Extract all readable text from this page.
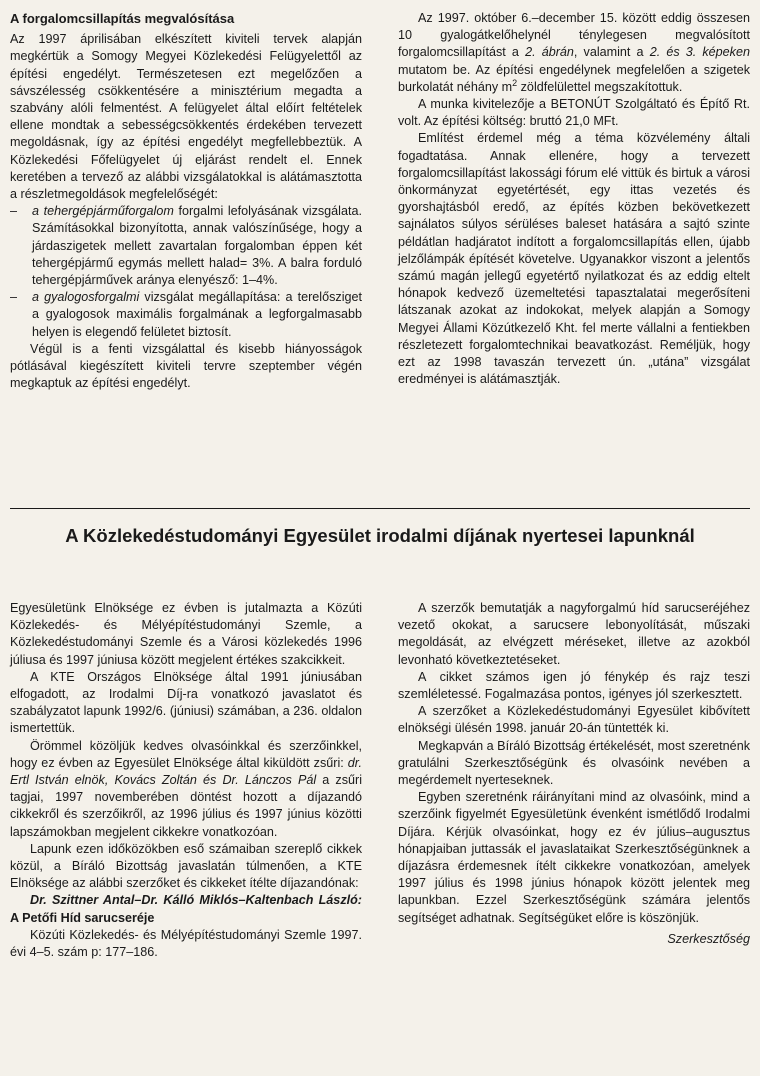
A forgalomcsillapítás megvalósítása

Az 1997 áprilisában elkészített kiviteli tervek alapján megkértük a Somogy Megyei Közlekedési Felügyelettől az építési engedélyt. Természetesen ezt megelőzően a sávszélesség csökkentésére a minisztérium megadta a szabvány alóli felmentést. A felügyelet által előírt feltételek ellene mondtak a sebességcsökkentés érdekében tervezett megoldásnak, így az építési engedélyt megfellebbeztük. A Közlekedési Főfelügyelet új eljárást rendelt el. Ennek keretében a tervező az alábbi vizsgálatokkal is alátámasztotta a részletmegoldások megfelelőségét:

– a tehergépjárműforgalom forgalmi lefolyásának vizsgálata. Számításokkal bizonyította, annak valószínűsége, hogy a járdaszigetek mellett zavartalan forgalomban éppen két tehergépjármű egymás mellett halad= 3%. A balra forduló tehergépjárművek aránya elenyésző: 1–4%.

– a gyalogosforgalmi vizsgálat megállapítása: a terelősziget a gyalogosok maximális forgalmának a legforgalmasabb helyen is elegendő felületet biztosít.

Végül is a fenti vizsgálattal és kisebb hiányosságok pótlásával kiegészített kiviteli tervre szeptember végén megkaptuk az építési engedélyt.

Az 1997. október 6.–december 15. között eddig összesen 10 gyalogátkelőhelynél ténylegesen megvalósított forgalomcsillapítást a 2. ábrán, valamint a 2. és 3. képeken mutatom be. Az építési engedélynek megfelelően a szigetek burkolatát néhány $m^2$ zöldfelülettel megszakítottuk.

A munka kivitelezője a BETONÚT Szolgáltató és Építő Rt. volt. Az építési költség: bruttó 21,0 MFt.

Említést érdemel még a téma közvélemény általi fogadtatása. Annak ellenére, hogy a tervezett forgalomcsillapítást lakossági fórum elé vittük és birtuk a városi önkormányzat egyetértését, egy ittas vezetés és gyorshajtásból eredő, az építés közben bekövetkezett sajnálatos súlyos sérüléses baleset hatására a sajtó szinte példátlan hadjáratot indított a forgalomcsillapítás ellen, újabb jelzőlámpák építését követelve. Ugyanakkor viszont a jelentős számú magán jellegű egyetértő nyilatkozat és az eddig eltelt hónapok kedvező üzemeltetési tapasztalatai megerősíteni látszanak azokat az indokokat, melyek alapján a Somogy Megyei Állami Közútkezelő Kht. fel merte vállalni a fentiekben részletezett forgalomtechnikai beavatkozást. Reméljük, hogy ezt az 1998 tavaszán tervezett ún. „utána” vizsgálat eredményei is alátámasztják.

A Közlekedéstudományi Egyesület irodalmi díjának nyertesei lapunknál

Egyesületünk Elnöksége ez évben is jutalmazta a Közúti Közlekedés- és Mélyépítéstudományi Szemle, a Közlekedéstudományi Szemle és a Városi közlekedés 1996 júliusa és 1997 júniusa között megjelent értékes szakcikkeit.

A KTE Országos Elnöksége által 1991 júniusában elfogadott, az Irodalmi Díj-ra vonatkozó javaslatot és szabályzatot lapunk 1992/6. (júniusi) számában, a 236. oldalon ismertettük.

Örömmel közöljük kedves olvasóinkkal és szerzőinkkel, hogy ez évben az Egyesület Elnöksége által kiküldött zsűri: dr. Ertl István elnök, Kovács Zoltán és Dr. Lánczos Pál a zsűri tagjai, 1997 novemberében döntést hozott a díjazandó cikkekről és szerzőikről, az 1996 július és 1997 június közötti lapszámokban megjelent cikkekre vonatkozóan.

Lapunk ezen időközökben eső számaiban szereplő cikkek közül, a Bíráló Bizottság javaslatán túlmenően, a KTE Elnöksége az alábbi szerzőket és cikkeket ítélte díjazandónak:

Dr. Szittner Antal–Dr. Kálló Miklós–Kaltenbach László: A Petőfi Híd sarucseréje

Közúti Közlekedés- és Mélyépítéstudományi Szemle 1997. évi 4–5. szám p: 177–186.

A szerzők bemutatják a nagyforgalmú híd sarucseréjéhez vezető okokat, a sarucsere lebonyolítását, műszaki megoldását, az elvégzett méréseket, illetve az azokból levonható következtetéseket.

A cikket számos igen jó fénykép és rajz teszi szemléletessé. Fogalmazása pontos, igényes jól szerkesztett.

A szerzőket a Közlekedéstudományi Egyesület kibővített elnökségi ülésén 1998. január 20-án tüntették ki.

Megkapván a Bíráló Bizottság értékelését, most szeretnénk gratulálni Szerkesztőségünk és olvasóink nevében a megérdemelt nyerteseknek.

Egyben szeretnénk ráirányítani mind az olvasóink, mind a szerzőink figyelmét Egyesületünk évenként ismétlődő Irodalmi Díjára. Kérjük olvasóinkat, hogy ez év július–augusztus hónapjaiban juttassák el javaslataikat Szerkesztőségünknek a díjazásra érdemesnek ítélt cikkekre vonatkozóan, amelyek 1997 július és 1998 június hónapok között jelentek meg lapunkban. Ezzel Szerkesztőségünk számára jelentős segítséget adhatnak. Segítségüket előre is köszönjük.

Szerkesztőség
